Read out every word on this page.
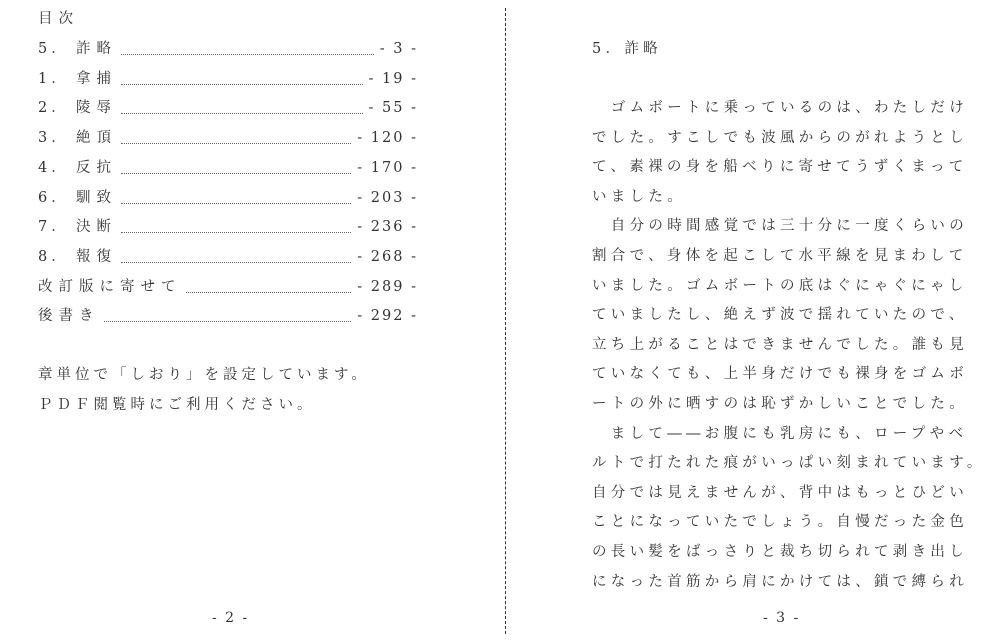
目次
5． 詐略	- 3 -
1． 拿捕	- 19 -
2． 陵辱	- 55 -
3． 絶頂	- 120 -
4． 反抗	- 170 -
6． 馴致	- 203 -
7． 決断	- 236 -
8． 報復	- 268 -
改訂版に寄せて	- 289 -
後書き	- 292 -
章単位で「しおり」を設定しています。
ＰＤＦ閲覧時にご利用ください。
- 2 -
5．詐略
ゴムボートに乗っているのは、わたしだけ
でした。すこしでも波風からのがれようとし
て、素裸の身を船べりに寄せてうずくまって
いました。
自分の時間感覚では三十分に一度くらいの
割合で、身体を起こして水平線を見まわして
いました。ゴムボートの底はぐにゃぐにゃし
ていましたし、絶えず波で揺れていたので、
立ち上がることはできませんでした。誰も見
ていなくても、上半身だけでも裸身をゴムボ
ートの外に晒すのは恥ずかしいことでした。
まして――お腹にも乳房にも、ロープやベ
ルトで打たれた痕がいっぱい刻まれています。
自分では見えませんが、背中はもっとひどい
ことになっていたでしょう。自慢だった金色
の長い髪をばっさりと裁ち切られて剥き出し
になった首筋から肩にかけては、鎖で縛られ
- 3 -
